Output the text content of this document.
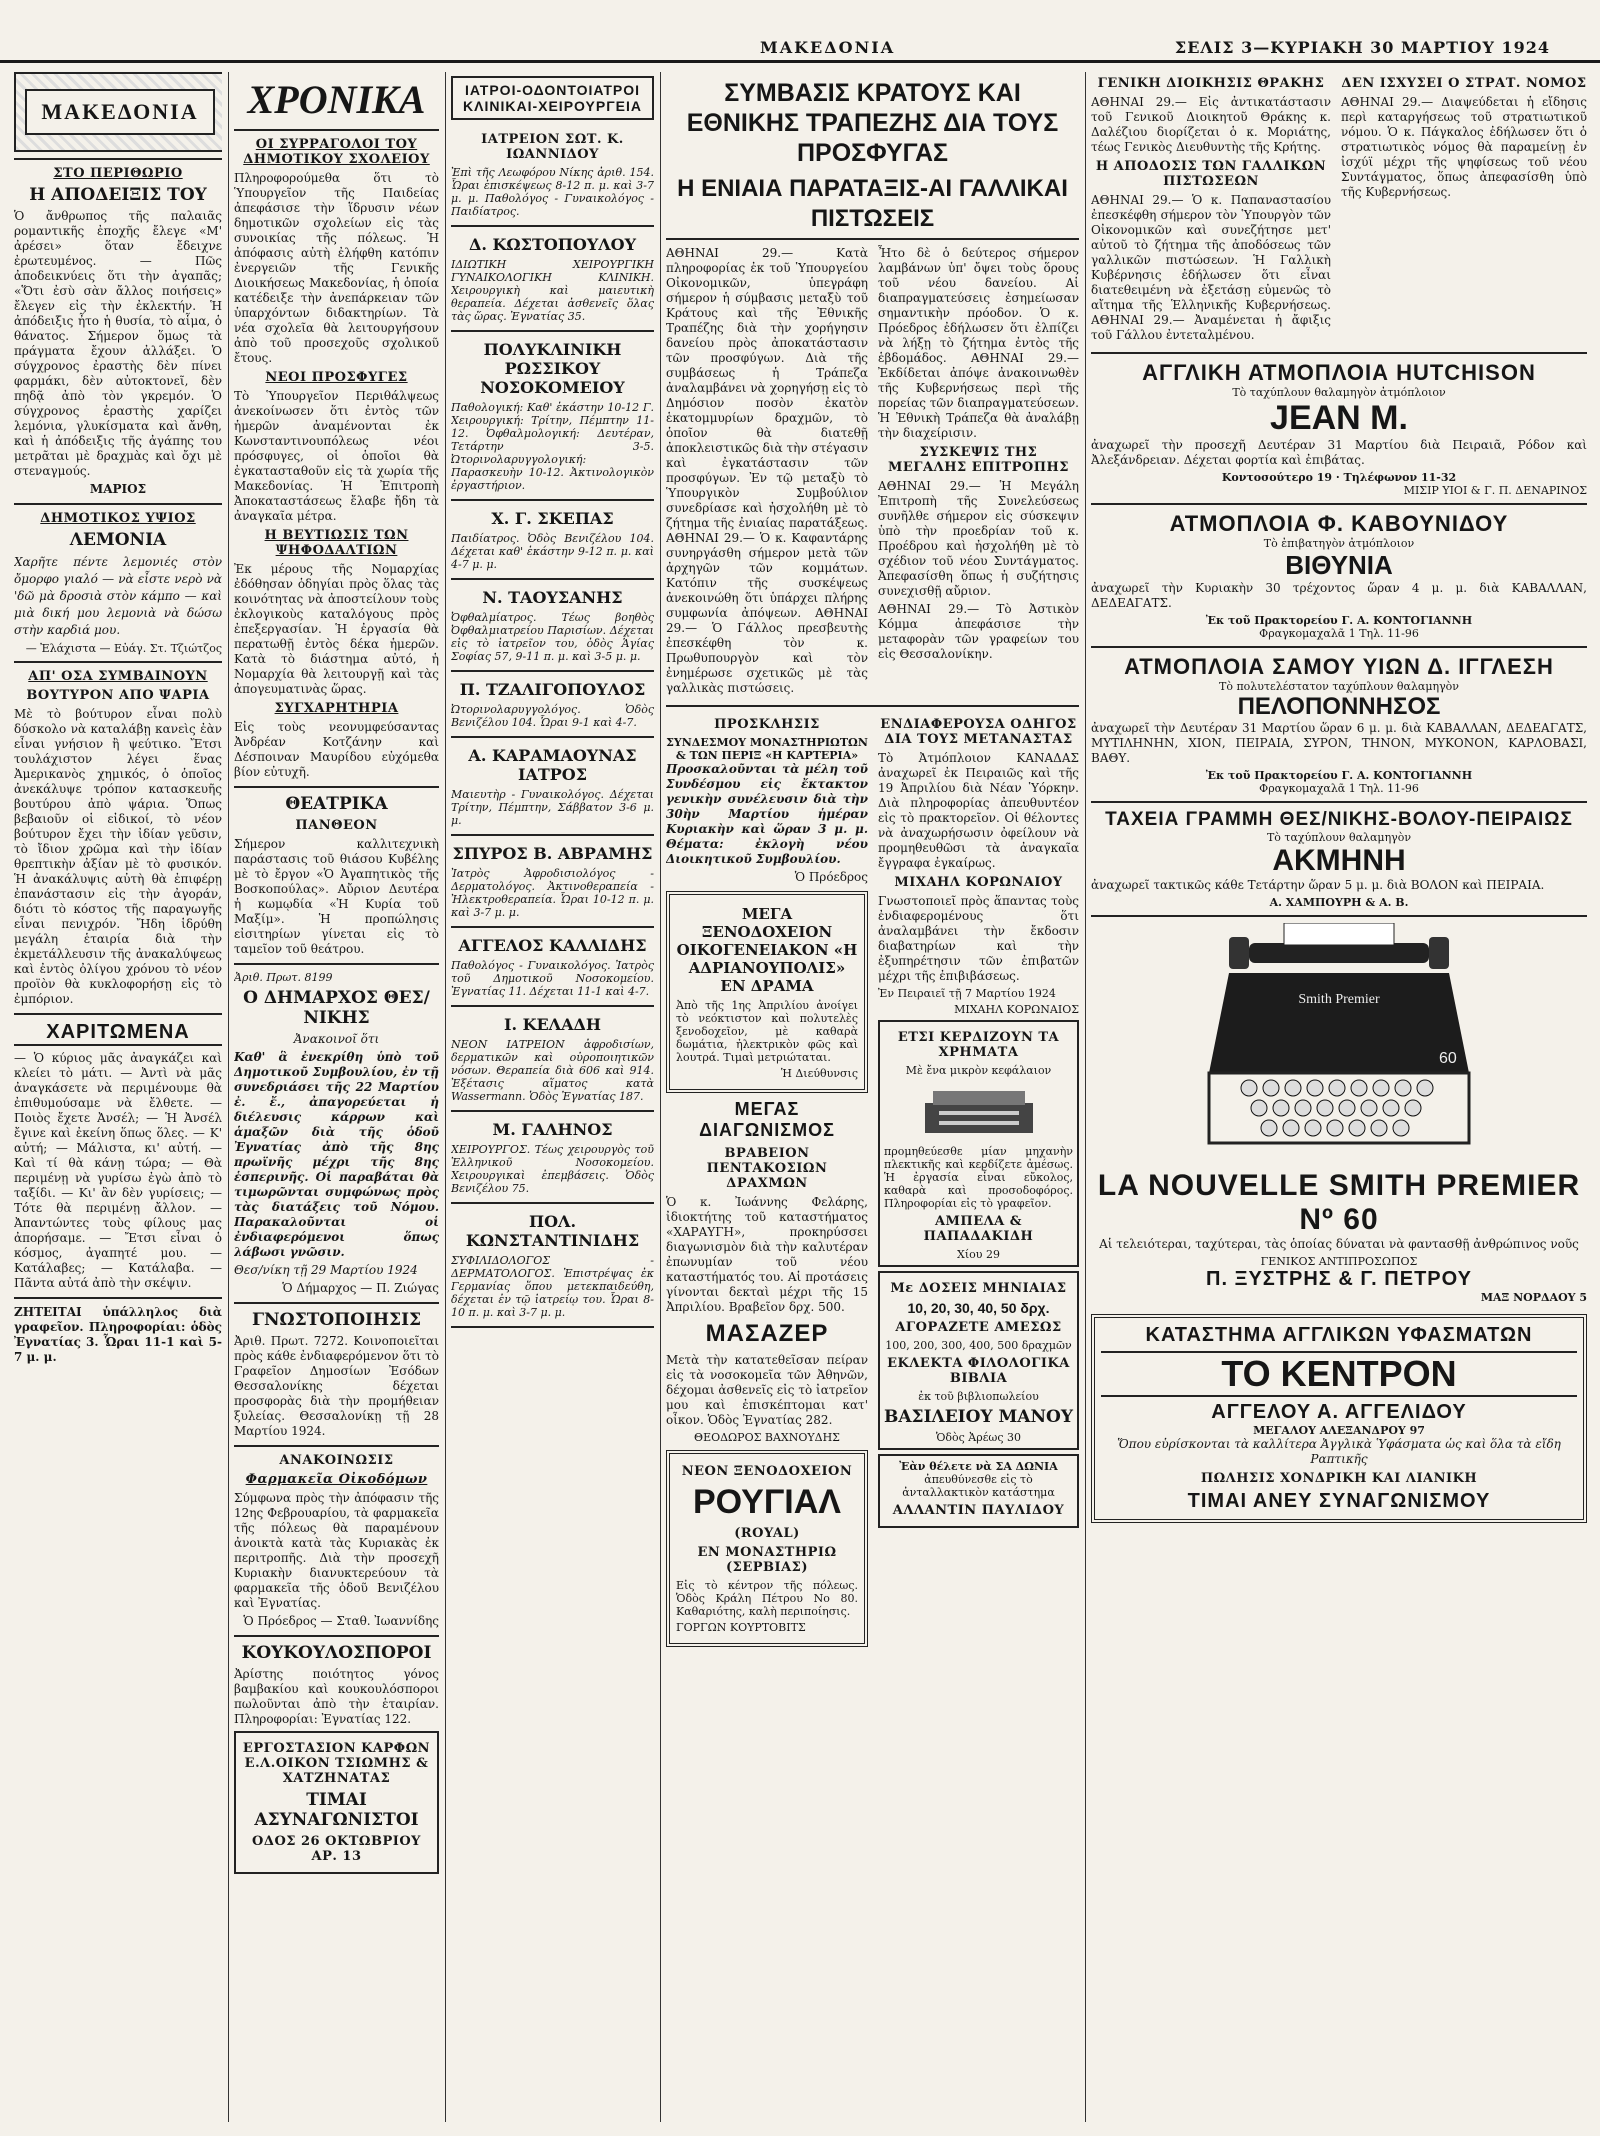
ΜΑΚΕΔΟΝΙΑ	ΣΕΛΙΣ 3—ΚΥΡΙΑΚΗ 30 ΜΑΡΤΙΟΥ 1924
ΜΑΚΕΔΟΝΙΑ
ΣΤΟ ΠΕΡΙΘΩΡΙΟ
Η ΑΠΟΔΕΙΞΙΣ ΤΟΥ

Ὁ ἄνθρωπος τῆς παλαιᾶς ρομαντικῆς ἐποχῆς ἔλεγε «Μ' ἀρέσει» ὅταν ἔδειχνε ἐρωτευμένος. — Πῶς ἀποδεικνύεις ὅτι τὴν ἀγαπᾶς; «Ὅτι ἐσὺ σὰν ἄλλος ποιήσεις» ἔλεγεν εἰς τὴν ἐκλεκτήν. Ἡ ἀπόδειξις ἦτο ἡ θυσία, τὸ αἷμα, ὁ θάνατος. Σήμερον ὅμως τὰ πράγματα ἔχουν ἀλλάξει. Ὁ σύγχρονος ἐραστὴς δὲν πίνει φαρμάκι, δὲν αὐτοκτονεῖ, δὲν πηδᾷ ἀπὸ τὸν γκρεμόν. Ὁ σύγχρονος ἐραστὴς χαρίζει λεμόνια, γλυκίσματα καὶ ἄνθη, καὶ ἡ ἀπόδειξις τῆς ἀγάπης του μετρᾶται μὲ δραχμὰς καὶ ὄχι μὲ στεναγμούς.

ΜΑΡΙΟΣ

ΔΗΜΟΤΙΚΟΣ ΥΨΙΟΣ
ΛΕΜΟΝΙΑ

Χαρῆτε πέντε λεμονιές στὸν ὄμορφο γιαλό — νὰ εἶστε νερὸ νὰ 'δῶ μὰ δροσιὰ στὸν κάμπο — καὶ μιὰ δική μου λεμονιὰ νὰ δώσω στὴν καρδιά μου.

— Ἐλάχιστα — Εὐάγ. Στ. Τζιώτζος

ΑΠ' ΟΣΑ ΣΥΜΒΑΙΝΟΥΝ
ΒΟΥΤΥΡΟΝ ΑΠΟ ΨΑΡΙΑ

Μὲ τὸ βούτυρον εἶναι πολὺ δύσκολο νὰ καταλάβῃ κανεὶς ἐὰν εἶναι γνήσιον ἢ ψεύτικο. Ἔτσι τουλάχιστον λέγει ἕνας Ἀμερικανὸς χημικός, ὁ ὁποῖος ἀνεκάλυψε τρόπον κατασκευῆς βουτύρου ἀπὸ ψάρια. Ὅπως βεβαιοῦν οἱ εἰδικοί, τὸ νέον βούτυρον ἔχει τὴν ἰδίαν γεῦσιν, τὸ ἴδιον χρῶμα καὶ τὴν ἰδίαν θρεπτικὴν ἀξίαν μὲ τὸ φυσικόν. Ἡ ἀνακάλυψις αὐτὴ θὰ ἐπιφέρῃ ἐπανάστασιν εἰς τὴν ἀγοράν, διότι τὸ κόστος τῆς παραγωγῆς εἶναι πενιχρόν. Ἤδη ἱδρύθη μεγάλη ἑταιρία διὰ τὴν ἐκμετάλλευσιν τῆς ἀνακαλύψεως καὶ ἐντὸς ὀλίγου χρόνου τὸ νέον προϊὸν θὰ κυκλοφορήσῃ εἰς τὸ ἐμπόριον.

ΧΑΡΙΤΩΜΕΝΑ

— Ὁ κύριος μᾶς ἀναγκάζει καὶ κλείει τὸ μάτι. — Ἀντὶ νὰ μᾶς ἀναγκάσετε νὰ περιμένουμε θὰ ἐπιθυμούσαμε νὰ ἔλθετε. — Ποιὸς ἔχετε Ἀνσέλ; — Ἡ Ἀνσέλ ἔγινε καὶ ἐκείνη ὅπως ὅλες. — Κ' αὐτή; — Μάλιστα, κι' αὐτή. — Καὶ τί θὰ κάνῃ τώρα; — Θὰ περιμένῃ νὰ γυρίσω ἐγὼ ἀπὸ τὸ ταξίδι. — Κι' ἂν δὲν γυρίσεις; — Τότε θὰ περιμένῃ ἄλλον. — Ἀπαντώντες τοὺς φίλους μας ἀπορήσαμε. — Ἔτσι εἶναι ὁ κόσμος, ἀγαπητέ μου. — Κατάλαβες; — Κατάλαβα. — Πᾶντα αὐτά ἀπὸ τὴν σκέψιν.

ΖΗΤΕΙΤΑΙ ὑπάλληλος διὰ γραφεῖον. Πληροφορίαι: ὁδὸς Ἐγνατίας 3. Ὧραι 11-1 καὶ 5-7 μ. μ.

ΧΡΟΝΙΚΑ
ΟΙ ΣΥΡΡΑΓΟΛΟΙ ΤΟΥ ΔΗΜΟΤΙΚΟΥ ΣΧΟΛΕΙΟΥ

Πληροφορούμεθα ὅτι τὸ Ὑπουργεῖον τῆς Παιδείας ἀπεφάσισε τὴν ἵδρυσιν νέων δημοτικῶν σχολείων εἰς τὰς συνοικίας τῆς πόλεως. Ἡ ἀπόφασις αὐτὴ ἐλήφθη κατόπιν ἐνεργειῶν τῆς Γενικῆς Διοικήσεως Μακεδονίας, ἡ ὁποία κατέδειξε τὴν ἀνεπάρκειαν τῶν ὑπαρχόντων διδακτηρίων. Τὰ νέα σχολεῖα θὰ λειτουργήσουν ἀπὸ τοῦ προσεχοῦς σχολικοῦ ἔτους.

ΝΕΟΙ ΠΡΟΣΦΥΓΕΣ

Τὸ Ὑπουργεῖον Περιθάλψεως ἀνεκοίνωσεν ὅτι ἐντὸς τῶν ἡμερῶν ἀναμένονται ἐκ Κωνσταντινουπόλεως νέοι πρόσφυγες, οἱ ὁποῖοι θὰ ἐγκατασταθοῦν εἰς τὰ χωρία τῆς Μακεδονίας. Ἡ Ἐπιτροπὴ Ἀποκαταστάσεως ἔλαβε ἤδη τὰ ἀναγκαῖα μέτρα.

Η ΒΕΥΤΙΩΣΙΣ ΤΩΝ ΨΗΦΟΔΑΛΤΙΩΝ

Ἐκ μέρους τῆς Νομαρχίας ἐδόθησαν ὁδηγίαι πρὸς ὅλας τὰς κοινότητας νὰ ἀποστείλουν τοὺς ἐκλογικοὺς καταλόγους πρὸς ἐπεξεργασίαν. Ἡ ἐργασία θὰ περατωθῇ ἐντὸς δέκα ἡμερῶν. Κατὰ τὸ διάστημα αὐτό, ἡ Νομαρχία θὰ λειτουργῇ καὶ τὰς ἀπογευματινὰς ὥρας.

ΣΥΓΧΑΡΗΤΗΡΙΑ

Εἰς τοὺς νεονυμφεύσαντας Ἀνδρέαν Κοτζάνην καὶ Δέσποιναν Μαυρίδου εὐχόμεθα βίον εὐτυχῆ.

ΘΕΑΤΡΙΚΑ
ΠΑΝΘΕΟΝ

Σήμερον καλλιτεχνικὴ παράστασις τοῦ θιάσου Κυβέλης μὲ τὸ ἔργον «Ὁ Ἀγαπητικὸς τῆς Βοσκοπούλας». Αὔριον Δευτέρα ἡ κωμῳδία «Ἡ Κυρία τοῦ Μαξίμ». Ἡ προπώλησις εἰσιτηρίων γίνεται εἰς τὸ ταμεῖον τοῦ θεάτρου.

Ἀριθ. Πρωτ. 8199

Ο ΔΗΜΑΡΧΟΣ ΘΕΣ/ΝΙΚΗΣ

Ἀνακοινοῖ ὅτι

Καθ' ἃ ἐνεκρίθη ὑπὸ τοῦ Δημοτικοῦ Συμβουλίου, ἐν τῇ συνεδριάσει τῆς 22 Μαρτίου ἐ. ἔ., ἀπαγορεύεται ἡ διέλευσις κάρρων καὶ ἁμαξῶν διὰ τῆς ὁδοῦ Ἐγνατίας ἀπὸ τῆς 8ης πρωϊνῆς μέχρι τῆς 8ης ἑσπερινῆς. Οἱ παραβάται θὰ τιμωρῶνται συμφώνως πρὸς τὰς διατάξεις τοῦ Νόμου. Παρακαλοῦνται οἱ ἐνδιαφερόμενοι ὅπως λάβωσι γνῶσιν.

Θεσ/νίκη τῇ 29 Μαρτίου 1924

Ὁ Δήμαρχος — Π. Ζιώγας

ΓΝΩΣΤΟΠΟΙΗΣΙΣ

Ἀριθ. Πρωτ. 7272. Κοινοποιεῖται πρὸς κάθε ἐνδιαφερόμενον ὅτι τὸ Γραφεῖον Δημοσίων Ἐσόδων Θεσσαλονίκης δέχεται προσφορὰς διὰ τὴν προμήθειαν ξυλείας. Θεσσαλονίκῃ τῇ 28 Μαρτίου 1924.

ΑΝΑΚΟΙΝΩΣΙΣ
Φαρμακεῖα Οἰκοδόμων

Σύμφωνα πρὸς τὴν ἀπόφασιν τῆς 12ης Φεβρουαρίου, τὰ φαρμακεῖα τῆς πόλεως θὰ παραμένουν ἀνοικτὰ κατὰ τὰς Κυριακὰς ἐκ περιτροπῆς. Διὰ τὴν προσεχῆ Κυριακὴν διανυκτερεύουν τὰ φαρμακεῖα τῆς ὁδοῦ Βενιζέλου καὶ Ἐγνατίας.

Ὁ Πρόεδρος — Σταθ. Ἰωαννίδης

ΚΟΥΚΟΥΛΟΣΠΟΡΟΙ

Ἀρίστης ποιότητος γόνος βαμβακίου καὶ κουκουλόσποροι πωλοῦνται ἀπὸ τὴν ἑταιρίαν. Πληροφορίαι: Ἐγνατίας 122.

ΕΡΓΟΣΤΑΣΙΟΝ ΚΑΡΦΩΝ Ε.Λ.ΟΙΚΟΝ ΤΣΙΩΜΗΣ & ΧΑΤΖΗΝΑΤΑΣ
ΤΙΜΑΙ ΑΣΥΝΑΓΩΝΙΣΤΟΙ
ΟΔΟΣ 26 ΟΚΤΩΒΡΙΟΥ ΑΡ. 13
ΙΑΤΡΟΙ-ΟΔΟΝΤΟΙΑΤΡΟΙ ΚΛΙΝΙΚΑΙ-ΧΕΙΡΟΥΡΓΕΙΑ
ΙΑΤΡΕΙΟΝ ΣΩΤ. Κ. ΙΩΑΝΝΙΔΟΥ

Ἐπὶ τῆς Λεωφόρου Νίκης ἀριθ. 154. Ὧραι ἐπισκέψεως 8-12 π. μ. καὶ 3-7 μ. μ. Παθολόγος - Γυναικολόγος - Παιδίατρος.

Δ. ΚΩΣΤΟΠΟΥΛΟΥ

ΙΔΙΩΤΙΚΗ ΧΕΙΡΟΥΡΓΙΚΗ ΓΥΝΑΙΚΟΛΟΓΙΚΗ ΚΛΙΝΙΚΗ. Χειρουργικὴ καὶ μαιευτικὴ θεραπεία. Δέχεται ἀσθενεῖς ὅλας τὰς ὥρας. Ἐγνατίας 35.

ΠΟΛΥΚΛΙΝΙΚΗ ΡΩΣΣΙΚΟΥ ΝΟΣΟΚΟΜΕΙΟΥ

Παθολογική: Καθ' ἑκάστην 10-12 Γ. Χειρουργική: Τρίτην, Πέμπτην 11-12. Ὀφθαλμολογική: Δευτέραν, Τετάρτην 3-5. Ὠτορινολαρυγγολογική: Παρασκευὴν 10-12. Ἀκτινολογικὸν ἐργαστήριον.

Χ. Γ. ΣΚΕΠΑΣ

Παιδίατρος. Ὀδὸς Βενιζέλου 104. Δέχεται καθ' ἑκάστην 9-12 π. μ. καὶ 4-7 μ. μ.

Ν. ΤΑΟΥΣΑΝΗΣ

Ὀφθαλμίατρος. Τέως βοηθὸς Ὀφθαλμιατρείου Παρισίων. Δέχεται εἰς τὸ ἰατρεῖον του, ὁδὸς Ἁγίας Σοφίας 57, 9-11 π. μ. καὶ 3-5 μ. μ.

Π. ΤΖΑΛΙΓΟΠΟΥΛΟΣ

Ὠτορινολαρυγγολόγος. Ὁδὸς Βενιζέλου 104. Ὧραι 9-1 καὶ 4-7.

Α. ΚΑΡΑΜΑΟΥΝΑΣ ΙΑΤΡΟΣ

Μαιευτὴρ - Γυναικολόγος. Δέχεται Τρίτην, Πέμπτην, Σάββατον 3-6 μ. μ.

ΣΠΥΡΟΣ Β. ΑΒΡΑΜΗΣ

Ἰατρὸς Ἀφροδισιολόγος - Δερματολόγος. Ἀκτινοθεραπεία - Ἠλεκτροθεραπεία. Ὧραι 10-12 π. μ. καὶ 3-7 μ. μ.

ΑΓΓΕΛΟΣ ΚΑΛΛΙΔΗΣ

Παθολόγος - Γυναικολόγος. Ἰατρὸς τοῦ Δημοτικοῦ Νοσοκομείου. Ἐγνατίας 11. Δέχεται 11-1 καὶ 4-7.

Ι. ΚΕΛΑΔΗ

ΝΕΟΝ ΙΑΤΡΕΙΟΝ ἀφροδισίων, δερματικῶν καὶ οὐροποιητικῶν νόσων. Θεραπεία διὰ 606 καὶ 914. Ἐξέτασις αἵματος κατὰ Wassermann. Ὁδὸς Ἐγνατίας 187.

Μ. ΓΑΛΗΝΟΣ

ΧΕΙΡΟΥΡΓΟΣ. Τέως χειρουργὸς τοῦ Ἑλληνικοῦ Νοσοκομείου. Χειρουργικαὶ ἐπεμβάσεις. Ὁδὸς Βενιζέλου 75.

ΠΟΛ. ΚΩΝΣΤΑΝΤΙΝΙΔΗΣ

ΣΥΦΙΛΙΔΟΛΟΓΟΣ - ΔΕΡΜΑΤΟΛΟΓΟΣ. Ἐπιστρέψας ἐκ Γερμανίας ὅπου μετεκπαιδεύθη, δέχεται ἐν τῷ ἰατρείῳ του. Ὧραι 8-10 π. μ. καὶ 3-7 μ. μ.

ΣΥΜΒΑΣΙΣ ΚΡΑΤΟΥΣ ΚΑΙ ΕΘΝΙΚΗΣ ΤΡΑΠΕΖΗΣ ΔΙΑ ΤΟΥΣ ΠΡΟΣΦΥΓΑΣ
Η ΕΝΙΑΙΑ ΠΑΡΑΤΑΞΙΣ-ΑΙ ΓΑΛΛΙΚΑΙ ΠΙΣΤΩΣΕΙΣ

ΑΘΗΝΑΙ 29.— Κατὰ πληροφορίας ἐκ τοῦ Ὑπουργείου Οἰκονομικῶν, ὑπεγράφη σήμερον ἡ σύμβασις μεταξὺ τοῦ Κράτους καὶ τῆς Ἐθνικῆς Τραπέζης διὰ τὴν χορήγησιν δανείου πρὸς ἀποκατάστασιν τῶν προσφύγων. Διὰ τῆς συμβάσεως ἡ Τράπεζα ἀναλαμβάνει νὰ χορηγήσῃ εἰς τὸ Δημόσιον ποσὸν ἐκατὸν ἑκατομμυρίων δραχμῶν, τὸ ὁποῖον θὰ διατεθῇ ἀποκλειστικῶς διὰ τὴν στέγασιν καὶ ἐγκατάστασιν τῶν προσφύγων. Ἐν τῷ μεταξὺ τὸ Ὑπουργικὸν Συμβούλιον συνεδρίασε καὶ ἠσχολήθη μὲ τὸ ζήτημα τῆς ἐνιαίας παρατάξεως. ΑΘΗΝΑΙ 29.— Ὁ κ. Καφαντάρης συνηργάσθη σήμερον μετὰ τῶν ἀρχηγῶν τῶν κομμάτων. Κατόπιν τῆς συσκέψεως ἀνεκοινώθη ὅτι ὑπάρχει πλήρης συμφωνία ἀπόψεων. ΑΘΗΝΑΙ 29.— Ὁ Γάλλος πρεσβευτὴς ἐπεσκέφθη τὸν κ. Πρωθυπουργὸν καὶ τὸν ἐνημέρωσε σχετικῶς μὲ τὰς γαλλικὰς πιστώσεις.

Ἦτο δὲ ὁ δεύτερος σήμερον λαμβάνων ὑπ' ὄψει τοὺς ὅρους τοῦ νέου δανείου. Αἱ διαπραγματεύσεις ἐσημείωσαν σημαντικὴν πρόοδον. Ὁ κ. Πρόεδρος ἐδήλωσεν ὅτι ἐλπίζει νὰ λήξῃ τὸ ζήτημα ἐντὸς τῆς ἑβδομάδος. ΑΘΗΝΑΙ 29.— Ἐκδίδεται ἀπόψε ἀνακοινωθὲν τῆς Κυβερνήσεως περὶ τῆς πορείας τῶν διαπραγματεύσεων. Ἡ Ἐθνικὴ Τράπεζα θὰ ἀναλάβῃ τὴν διαχείρισιν.

ΣΥΣΚΕΨΙΣ ΤΗΣ ΜΕΓΑΛΗΣ ΕΠΙΤΡΟΠΗΣ

ΑΘΗΝΑΙ 29.— Ἡ Μεγάλη Ἐπιτροπὴ τῆς Συνελεύσεως συνῆλθε σήμερον εἰς σύσκεψιν ὑπὸ τὴν προεδρίαν τοῦ κ. Προέδρου καὶ ἠσχολήθη μὲ τὸ σχέδιον τοῦ νέου Συντάγματος. Ἀπεφασίσθη ὅπως ἡ συζήτησις συνεχισθῇ αὔριον.

ΑΘΗΝΑΙ 29.— Τὸ Ἀστικὸν Κόμμα ἀπεφάσισε τὴν μεταφορὰν τῶν γραφείων του εἰς Θεσσαλονίκην.

ΠΡΟΣΚΛΗΣΙΣ
ΣΥΝΔΕΣΜΟΥ ΜΟΝΑΣΤΗΡΙΩΤΩΝ & ΤΩΝ ΠΕΡΙΞ «Η ΚΑΡΤΕΡΙΑ»

Προσκαλοῦνται τὰ μέλη τοῦ Συνδέσμου εἰς ἔκτακτον γενικὴν συνέλευσιν διὰ τὴν 30ὴν Μαρτίου ἡμέραν Κυριακὴν καὶ ὥραν 3 μ. μ. Θέματα: ἐκλογὴ νέου Διοικητικοῦ Συμβουλίου.

Ὁ Πρόεδρος

ΜΕΓΑ ΞΕΝΟΔΟΧΕΙΟΝ ΟΙΚΟΓΕΝΕΙΑΚΟΝ «Η ΑΔΡΙΑΝΟΥΠΟΛΙΣ» ΕΝ ΔΡΑΜΑ

Ἀπὸ τῆς 1ης Ἀπριλίου ἀνοίγει τὸ νεόκτιστον καὶ πολυτελὲς ξενοδοχεῖον, μὲ καθαρὰ δωμάτια, ἠλεκτρικὸν φῶς καὶ λουτρά. Τιμαὶ μετριώταται.

Ἡ Διεύθυνσις

ΜΕΓΑΣ ΔΙΑΓΩΝΙΣΜΟΣ
ΒΡΑΒΕΙΟΝ ΠΕΝΤΑΚΟΣΙΩΝ ΔΡΑΧΜΩΝ

Ὁ κ. Ἰωάννης Φελάρης, ἰδιοκτήτης τοῦ καταστήματος «ΧΑΡΑΥΓΗ», προκηρύσσει διαγωνισμὸν διὰ τὴν καλυτέραν ἐπωνυμίαν τοῦ νέου καταστήματός του. Αἱ προτάσεις γίνονται δεκταὶ μέχρι τῆς 15 Ἀπριλίου. Βραβεῖον δρχ. 500.

ΜΑΣΑΖΕΡ

Μετὰ τὴν κατατεθεῖσαν πείραν εἰς τὰ νοσοκομεῖα τῶν Ἀθηνῶν, δέχομαι ἀσθενεῖς εἰς τὸ ἰατρεῖον μου καὶ ἐπισκέπτομαι κατ' οἶκον. Ὁδὸς Ἐγνατίας 282.

ΘΕΟΔΩΡΟΣ ΒΑΧΝΟΥΔΗΣ

ΝΕΟΝ ΞΕΝΟΔΟΧΕΙΟΝ
ΡΟΥΓΙΑΛ
(ROYAL)
ΕΝ ΜΟΝΑΣΤΗΡΙΩ (ΣΕΡΒΙΑΣ)

Εἰς τὸ κέντρον τῆς πόλεως. Ὁδὸς Κράλη Πέτρου Νο 80. Καθαριότης, καλὴ περιποίησις.

ΓΟΡΓΩΝ ΚΟΥΡΤΟΒΙΤΣ

ΕΝΔΙΑΦΕΡΟΥΣΑ ΟΔΗΓΟΣ ΔΙΑ ΤΟΥΣ ΜΕΤΑΝΑΣΤΑΣ

Τὸ Ἀτμόπλοιον ΚΑΝΑΔΑΣ ἀναχωρεῖ ἐκ Πειραιῶς καὶ τῆς 19 Ἀπριλίου διὰ Νέαν Ὑόρκην. Διὰ πληροφορίας ἀπευθυντέον εἰς τὸ πρακτορεῖον. Οἱ θέλοντες νὰ ἀναχωρήσωσιν ὀφείλουν νὰ προμηθευθῶσι τὰ ἀναγκαῖα ἔγγραφα ἐγκαίρως.

ΜΙΧΑΗΛ ΚΟΡΩΝΑΙΟΥ

Γνωστοποιεῖ πρὸς ἅπαντας τοὺς ἐνδιαφερομένους ὅτι ἀναλαμβάνει τὴν ἔκδοσιν διαβατηρίων καὶ τὴν ἐξυπηρέτησιν τῶν ἐπιβατῶν μέχρι τῆς ἐπιβιβάσεως.

Ἐν Πειραιεῖ τῇ 7 Μαρτίου 1924

ΜΙΧΑΗΛ ΚΟΡΩΝΑΙΟΣ

ΕΤΣΙ ΚΕΡΔΙΖΟΥΝ ΤΑ ΧΡΗΜΑΤΑ
Μὲ ἔνα μικρὸν κεφάλαιον

προμηθεύεσθε μίαν μηχανὴν πλεκτικῆς καὶ κερδίζετε ἀμέσως. Ἡ ἐργασία εἶναι εὔκολος, καθαρὰ καὶ προσοδοφόρος. Πληροφορίαι εἰς τὸ γραφεῖον.

ΑΜΠΕΛΑ & ΠΑΠΑΔΑΚΙΔΗ
Χίου 29
Με ΔΟΣΕΙΣ ΜΗΝΙΑΙΑΣ
10, 20, 30, 40, 50 δρχ.
ΑΓΟΡΑΖΕΤΕ ΑΜΕΣΩΣ
100, 200, 300, 400, 500 δραχμῶν
ΕΚΛΕΚΤΑ ΦΙΛΟΛΟΓΙΚΑ ΒΙΒΛΙΑ
ἐκ τοῦ βιβλιοπωλείου
ΒΑΣΙΛΕΙΟΥ ΜΑΝΟΥ
Ὁδὸς Ἀρέως 30
Ἐὰν θέλετε νὰ ΣΑ ΔΩΝΙΑ
ἀπευθύνεσθε εἰς τὸ ἀνταλλακτικὸν κατάστημα
ΑΛΛΑΝΤΙΝ ΠΑΥΛΙΔΟΥ
ΓΕΝΙΚΗ ΔΙΟΙΚΗΣΙΣ ΘΡΑΚΗΣ

ΑΘΗΝΑΙ 29.— Εἰς ἀντικατάστασιν τοῦ Γενικοῦ Διοικητοῦ Θράκης κ. Δαλέζιου διορίζεται ὁ κ. Μοριάτης, τέως Γενικὸς Διευθυντὴς τῆς Κρήτης.

Η ΑΠΟΔΟΣΙΣ ΤΩΝ ΓΑΛΛΙΚΩΝ ΠΙΣΤΩΣΕΩΝ

ΑΘΗΝΑΙ 29.— Ὁ κ. Παπαναστασίου ἐπεσκέφθη σήμερον τὸν Ὑπουργὸν τῶν Οἰκονομικῶν καὶ συνεζήτησε μετ' αὐτοῦ τὸ ζήτημα τῆς ἀποδόσεως τῶν γαλλικῶν πιστώσεων. Ἡ Γαλλικὴ Κυβέρνησις ἐδήλωσεν ὅτι εἶναι διατεθειμένη νὰ ἐξετάσῃ εὐμενῶς τὸ αἴτημα τῆς Ἑλληνικῆς Κυβερνήσεως. ΑΘΗΝΑΙ 29.— Ἀναμένεται ἡ ἄφιξις τοῦ Γάλλου ἐντεταλμένου.

ΔΕΝ ΙΣΧΥΣΕΙ Ο ΣΤΡΑΤ. ΝΟΜΟΣ

ΑΘΗΝΑΙ 29.— Διαψεύδεται ἡ εἴδησις περὶ καταργήσεως τοῦ στρατιωτικοῦ νόμου. Ὁ κ. Πάγκαλος ἐδήλωσεν ὅτι ὁ στρατιωτικὸς νόμος θὰ παραμείνῃ ἐν ἰσχύϊ μέχρι τῆς ψηφίσεως τοῦ νέου Συντάγματος, ὅπως ἀπεφασίσθη ὑπὸ τῆς Κυβερνήσεως.

ΑΓΓΛΙΚΗ ΑΤΜΟΠΛΟΙΑ HUTCHISON
Τὸ ταχύπλουν θαλαμηγὸν ἀτμόπλοιον
JEAN M.

ἀναχωρεῖ τὴν προσεχῆ Δευτέραν 31 Μαρτίου διὰ Πειραιᾶ, Ρόδον καὶ Ἀλεξάνδρειαν. Δέχεται φορτία καὶ ἐπιβάτας.

Κοντοσούτερο 19 · Τηλέφωνον 11-32
ΜΙΣΙΡ ΥΙΟΙ & Γ. Π. ΔΕΝΑΡΙΝΟΣ
ΑΤΜΟΠΛΟΙΑ Φ. ΚΑΒΟΥΝΙΔΟΥ
Τὸ ἐπιβατηγὸν ἀτμόπλοιον
ΒΙΘΥΝΙΑ

ἀναχωρεῖ τὴν Κυριακὴν 30 τρέχοντος ὥραν 4 μ. μ. διὰ ΚΑΒΑΛΛΑΝ, ΔΕΔΕΑΓΑΤΣ.

Ἐκ τοῦ Πρακτορείου Γ. Α. ΚΟΝΤΟΓΙΑΝΝΗ
Φραγκομαχαλᾶ 1 Τηλ. 11-96
ΑΤΜΟΠΛΟΙΑ ΣΑΜΟΥ ΥΙΩΝ Δ. ΙΓΓΛΕΣΗ
Τὸ πολυτελέστατον ταχύπλουν θαλαμηγὸν
ΠΕΛΟΠΟΝΝΗΣΟΣ

ἀναχωρεῖ τὴν Δευτέραν 31 Μαρτίου ὥραν 6 μ. μ. διὰ ΚΑΒΑΛΛΑΝ, ΔΕΔΕΑΓΑΤΣ, ΜΥΤΙΛΗΝΗΝ, ΧΙΟΝ, ΠΕΙΡΑΙΑ, ΣΥΡΟΝ, ΤΗΝΟΝ, ΜΥΚΟΝΟΝ, ΚΑΡΛΟΒΑΣΙ, ΒΑΘΥ.

Ἐκ τοῦ Πρακτορείου Γ. Α. ΚΟΝΤΟΓΙΑΝΝΗ
Φραγκομαχαλᾶ 1 Τηλ. 11-96
ΤΑΧΕΙΑ ΓΡΑΜΜΗ ΘΕΣ/ΝΙΚΗΣ-ΒΟΛΟΥ-ΠΕΙΡΑΙΩΣ
Τὸ ταχύπλουν θαλαμηγὸν
ΑΚΜΗΝΗ

ἀναχωρεῖ τακτικῶς κάθε Τετάρτην ὥραν 5 μ. μ. διὰ ΒΟΛΟΝ καὶ ΠΕΙΡΑΙΑ.

Α. ΧΑΜΠΟΥΡΗ & Α. Β.
Smith Premier
60
LA NOUVELLE SMITH PREMIER Nº 60

Αἱ τελειότεραι, ταχύτεραι, τὰς ὁποίας δύναται νὰ φαντασθῇ ἀνθρώπινος νοῦς

ΓΕΝΙΚΟΣ ΑΝΤΙΠΡΟΣΩΠΟΣ
Π. ΞΥΣΤΡΗΣ & Γ. ΠΕΤΡΟΥ
ΜΑΞ ΝΟΡΔΑΟΥ 5
ΚΑΤΑΣΤΗΜΑ ΑΓΓΛΙΚΩΝ ΥΦΑΣΜΑΤΩΝ
ΤΟ ΚΕΝΤΡΟΝ
ΑΓΓΕΛΟΥ Α. ΑΓΓΕΛΙΔΟΥ
ΜΕΓΑΛΟΥ ΑΛΕΞΑΝΔΡΟΥ 97

Ὅπου εὑρίσκονται τὰ καλλίτερα Ἀγγλικὰ Ὑφάσματα ὡς καὶ ὅλα τὰ εἴδη Ραπτικῆς

ΠΩΛΗΣΙΣ ΧΟΝΔΡΙΚΗ ΚΑΙ ΛΙΑΝΙΚΗ
ΤΙΜΑΙ ΑΝΕΥ ΣΥΝΑΓΩΝΙΣΜΟΥ
